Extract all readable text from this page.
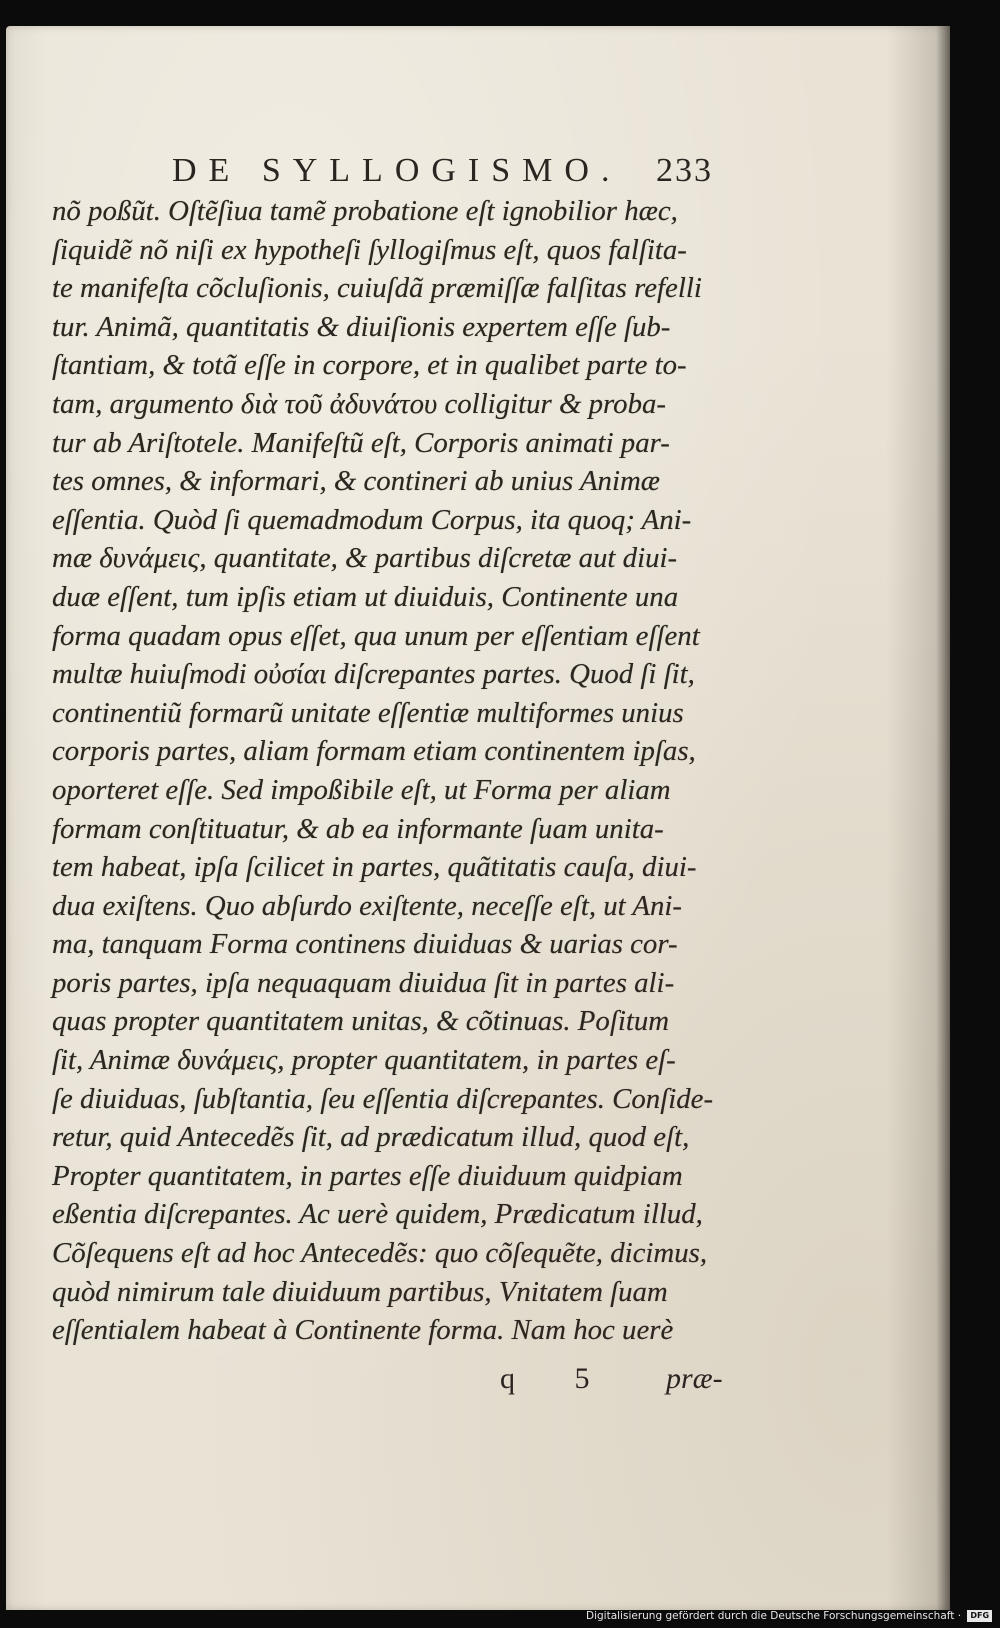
DE SYLLOGISMO. 233
nõ poßũt. Oſtẽſiua tamẽ probatione eſt ignobilior hæc,
ſiquidẽ nõ niſi ex hypotheſi ſyllogiſmus eſt, quos falſita-
te manifeſta cõcluſionis, cuiuſdã præmiſſæ falſitas refelli
tur. Animã, quantitatis & diuiſionis expertem eſſe ſub-
ſtantiam, & totã eſſe in corpore, et in qualibet parte to-
tam, argumento διὰ τοῦ ἀδυνάτου colligitur & proba-
tur ab Ariſtotele. Manifeſtũ eſt, Corporis animati par-
tes omnes, & informari, & contineri ab unius Animæ
eſſentia. Quòd ſi quemadmodum Corpus, ita quoq; Ani-
mæ δυνάμεις, quantitate, & partibus diſcretæ aut diui-
duæ eſſent, tum ipſis etiam ut diuiduis, Continente una
forma quadam opus eſſet, qua unum per eſſentiam eſſent
multæ huiuſmodi οὐσίαι diſcrepantes partes. Quod ſi ſit,
continentiũ formarũ unitate eſſentiæ multiformes unius
corporis partes, aliam formam etiam continentem ipſas,
oporteret eſſe. Sed impoßibile eſt, ut Forma per aliam
formam conſtituatur, & ab ea informante ſuam unita-
tem habeat, ipſa ſcilicet in partes, quãtitatis cauſa, diui-
dua exiſtens. Quo abſurdo exiſtente, neceſſe eſt, ut Ani-
ma, tanquam Forma continens diuiduas & uarias cor-
poris partes, ipſa nequaquam diuidua ſit in partes ali-
quas propter quantitatem unitas, & cõtinuas. Poſitum
ſit, Animæ δυνάμεις, propter quantitatem, in partes eſ-
ſe diuiduas, ſubſtantia, ſeu eſſentia diſcrepantes. Conſide-
retur, quid Antecedẽs ſit, ad prædicatum illud, quod eſt,
Propter quantitatem, in partes eſſe diuiduum quidpiam
eßentia diſcrepantes. Ac uerè quidem, Prædicatum illud,
Cõſequens eſt ad hoc Antecedẽs: quo cõſequẽte, dicimus,
quòd nimirum tale diuiduum partibus, Vnitatem ſuam
eſſentialem habeat à Continente forma. Nam hoc uerè
q 5 præ-
Digitalisierung gefördert durch die Deutsche Forschungsgemeinschaft · DFG
